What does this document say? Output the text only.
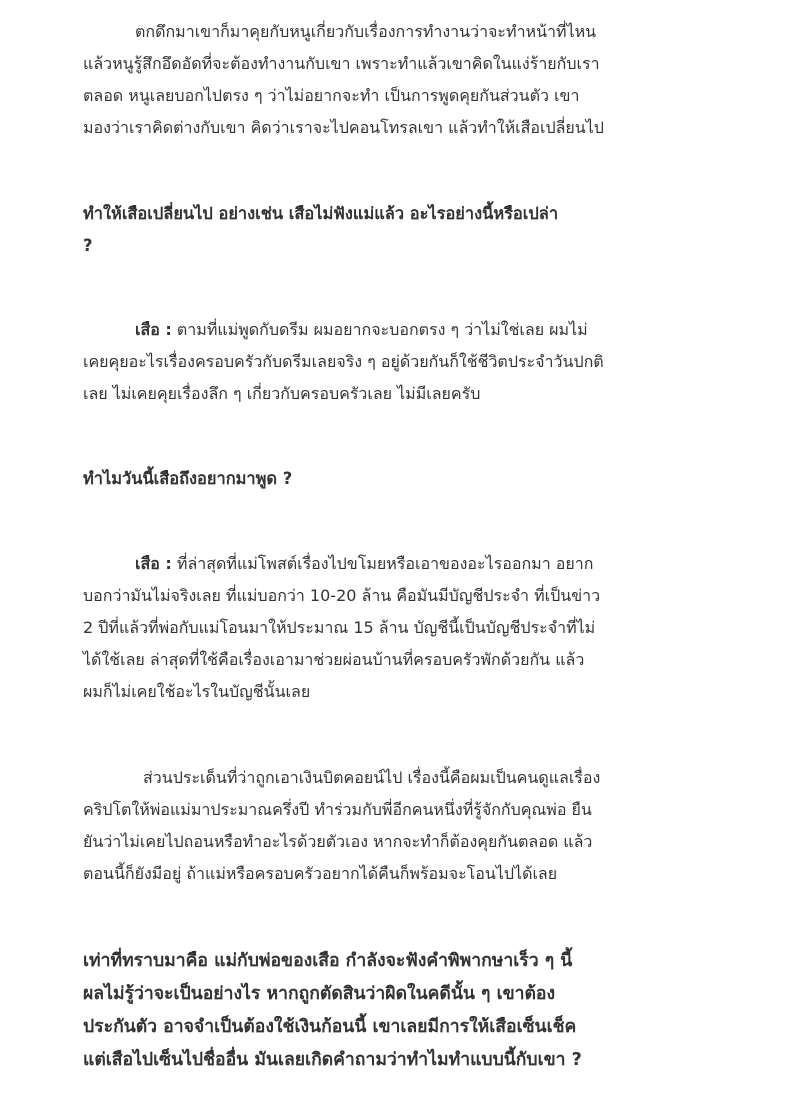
ตกดึกมาเขาก็มาคุยกับหนูเกี่ยวกับเรื่องการทำงานว่าจะทำหน้าที่ไหน
แล้วหนูรู้สึกอึดอัดที่จะต้องทำงานกับเขา เพราะทำแล้วเขาคิดในแง่ร้ายกับเรา
ตลอด หนูเลยบอกไปตรง ๆ ว่าไม่อยากจะทำ เป็นการพูดคุยกันส่วนตัว เขา
มองว่าเราคิดต่างกับเขา คิดว่าเราจะไปคอนโทรลเขา แล้วทำให้เสือเปลี่ยนไป

ทำให้เสือเปลี่ยนไป อย่างเช่น เสือไม่ฟังแม่แล้ว อะไรอย่างนี้หรือเปล่า
?

เสือ : ตามที่แม่พูดกับดรีม ผมอยากจะบอกตรง ๆ ว่าไม่ใช่เลย ผมไม่
เคยคุยอะไรเรื่องครอบครัวกับดรีมเลยจริง ๆ อยู่ด้วยกันก็ใช้ชีวิตประจำวันปกติ
เลย ไม่เคยคุยเรื่องลึก ๆ เกี่ยวกับครอบครัวเลย ไม่มีเลยครับ

ทำไมวันนี้เสือถึงอยากมาพูด ?

เสือ : ที่ล่าสุดที่แม่โพสต์เรื่องไปขโมยหรือเอาของอะไรออกมา อยาก
บอกว่ามันไม่จริงเลย ที่แม่บอกว่า 10-20 ล้าน คือมันมีบัญชีประจำ ที่เป็นข่าว
2 ปีที่แล้วที่พ่อกับแม่โอนมาให้ประมาณ 15 ล้าน บัญชีนี้เป็นบัญชีประจำที่ไม่
ได้ใช้เลย ล่าสุดที่ใช้คือเรื่องเอามาช่วยผ่อนบ้านที่ครอบครัวพักด้วยกัน แล้ว
ผมก็ไม่เคยใช้อะไรในบัญชีนั้นเลย

ส่วนประเด็นที่ว่าถูกเอาเงินบิตคอยน์ไป เรื่องนี้คือผมเป็นคนดูแลเรื่อง
คริปโตให้พ่อแม่มาประมาณครึ่งปี ทำร่วมกับพี่อีกคนหนึ่งที่รู้จักกับคุณพ่อ ยืน
ยันว่าไม่เคยไปถอนหรือทำอะไรด้วยตัวเอง หากจะทำก็ต้องคุยกันตลอด แล้ว
ตอนนี้ก็ยังมีอยู่ ถ้าแม่หรือครอบครัวอยากได้คืนก็พร้อมจะโอนไปได้เลย

เท่าที่ทราบมาคือ แม่กับพ่อของเสือ กำลังจะฟังคำพิพากษาเร็ว ๆ นี้
ผลไม่รู้ว่าจะเป็นอย่างไร หากถูกตัดสินว่าผิดในคดีนั้น ๆ เขาต้อง
ประกันตัว อาจจำเป็นต้องใช้เงินก้อนนี้ เขาเลยมีการให้เสือเซ็นเช็ค
แต่เสือไปเซ็นไปชื่ออื่น มันเลยเกิดคำถามว่าทำไมทำแบบนี้กับเขา ?
